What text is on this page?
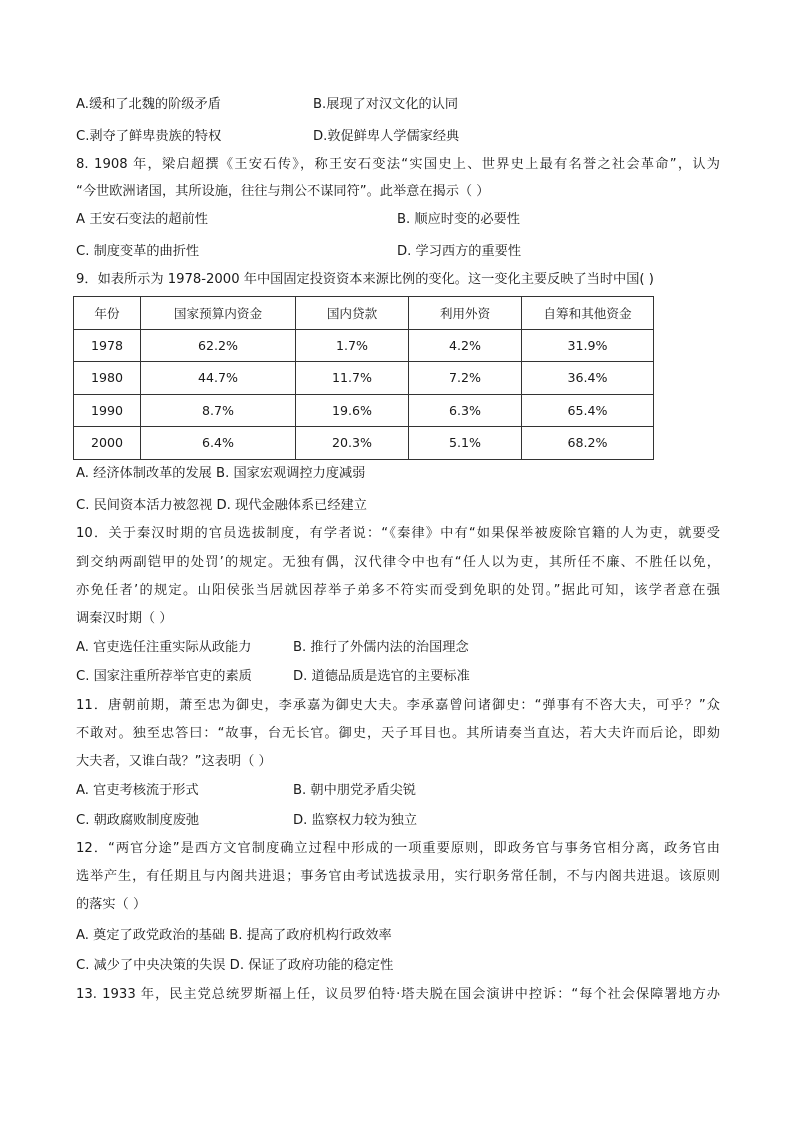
A.缓和了北魏的阶级矛盾	B.展现了对汉文化的认同
C.剥夺了鲜卑贵族的特权	D.敦促鲜卑人学儒家经典
8. 1908 年，梁启超撰《王安石传》，称王安石变法“实国史上、世界史上最有名誉之社会革命”，认为
“今世欧洲诸国，其所设施，往往与荆公不谋同符”。此举意在揭示（ ）
A 王安石变法的超前性	B. 顺应时变的必要性
C. 制度变革的曲折性	D. 学习西方的重要性
9．如表所示为 1978-2000 年中国固定投资资本来源比例的变化。这一变化主要反映了当时中国( )
年份	国家预算内资金	国内贷款	利用外资	自筹和其他资金
1978	62.2%	1.7%	4.2%	31.9%
1980	44.7%	11.7%	7.2%	36.4%
1990	8.7%	19.6%	6.3%	65.4%
2000	6.4%	20.3%	5.1%	68.2%
A. 经济体制改革的发展 B. 国家宏观调控力度减弱
C. 民间资本活力被忽视 D. 现代金融体系已经建立
10．关于秦汉时期的官员选拔制度，有学者说：“《秦律》中有“如果保举被废除官籍的人为吏，就要受
到交纳两副铠甲的处罚’的规定。无独有偶，汉代律令中也有“任人以为吏，其所任不廉、不胜任以免，
亦免任者’的规定。山阳侯张当居就因荐举子弟多不符实而受到免职的处罚。”据此可知，该学者意在强
调秦汉时期（ ）
A. 官吏选任注重实际从政能力	B. 推行了外儒内法的治国理念
C. 国家注重所荐举官吏的素质	D. 道德品质是选官的主要标准
11．唐朝前期，萧至忠为御史，李承嘉为御史大夫。李承嘉曾问诸御史：“弹事有不咨大夫，可乎？”众
不敢对。独至忠答曰：“故事，台无长官。御史，天子耳目也。其所请奏当直达，若大夫许而后论，即劾
大夫者，又谁白哉？”这表明（ ）
A. 官吏考核流于形式	B. 朝中朋党矛盾尖锐
C. 朝政腐败制度废弛	D. 监察权力较为独立
12．“两官分途”是西方文官制度确立过程中形成的一项重要原则，即政务官与事务官相分离，政务官由
选举产生，有任期且与内阁共进退；事务官由考试选拔录用，实行职务常任制，不与内阁共进退。该原则
的落实（ ）
A. 奠定了政党政治的基础 B. 提高了政府机构行政效率
C. 减少了中央决策的失误 D. 保证了政府功能的稳定性
13. 1933 年，民主党总统罗斯福上任，议员罗伯特·塔夫脱在国会演讲中控诉：“每个社会保障署地方办
